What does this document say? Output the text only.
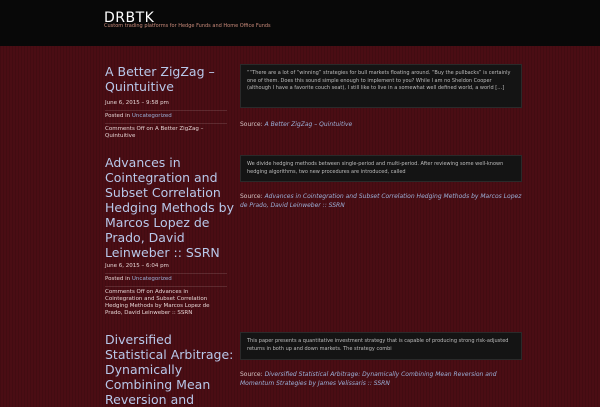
DRBTK
Custom trading platforms for Hedge Funds and Home Office Funds
A Better ZigZag – Quintuitive
June 6, 2015 – 9:58 pm
Posted in Uncategorized
Comments Off on A Better ZigZag – Quintuitive
““There are a lot of “winning” strategies for bull markets floating around. “Buy the pullbacks” is certainly one of them. Does this sound simple enough to implement to you? While I am no Sheldon Cooper (although I have a favorite couch seat), I still like to live in a somewhat well defined world, a world […]
Source: A Better ZigZag – Quintuitive
Advances in Cointegration and Subset Correlation Hedging Methods by Marcos Lopez de Prado, David Leinweber :: SSRN
June 6, 2015 – 6:04 pm
Posted in Uncategorized
Comments Off on Advances in Cointegration and Subset Correlation Hedging Methods by Marcos Lopez de Prado, David Leinweber :: SSRN
We divide hedging methods between single-period and multi-period. After reviewing some well-known hedging algorithms, two new procedures are introduced, called
Source: Advances in Cointegration and Subset Correlation Hedging Methods by Marcos Lopez de Prado, David Leinweber :: SSRN
Diversified Statistical Arbitrage: Dynamically Combining Mean Reversion and
This paper presents a quantitative investment strategy that is capable of producing strong risk-adjusted returns in both up and down markets. The strategy combi
Source: Diversified Statistical Arbitrage: Dynamically Combining Mean Reversion and Momentum Strategies by James Velissaris :: SSRN
